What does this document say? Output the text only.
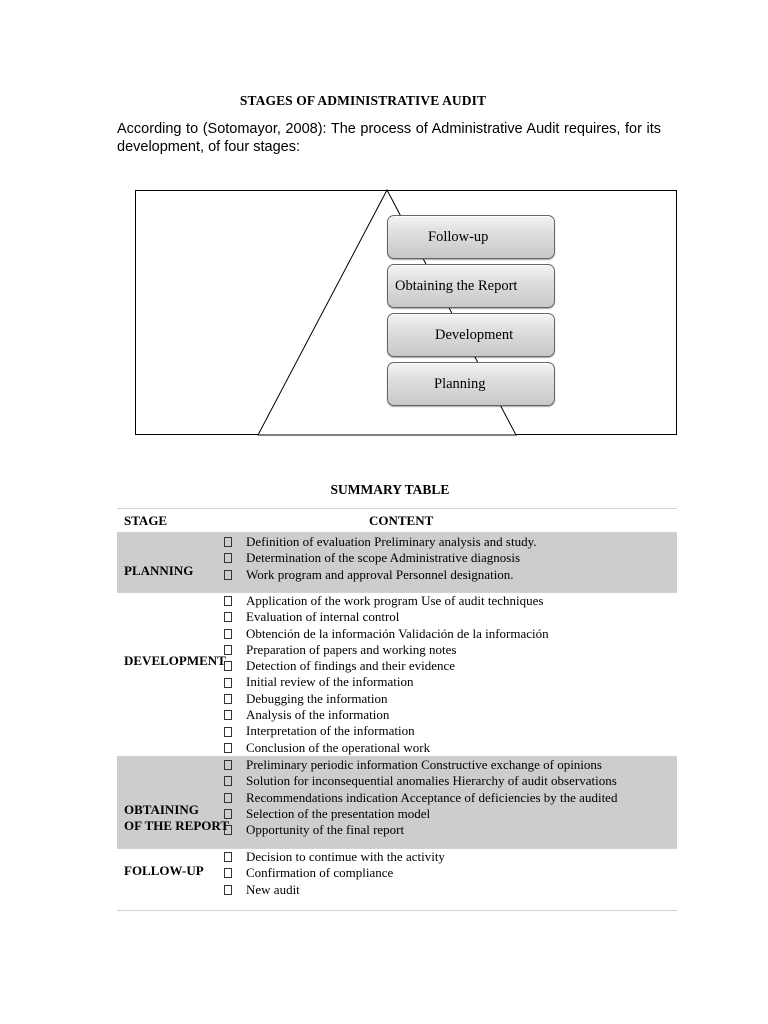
STAGES OF ADMINISTRATIVE AUDIT
According to (Sotomayor, 2008): The process of Administrative Audit requires, for its development, of four stages:
Follow-up
Obtaining the Report
Development
Planning
SUMMARY TABLE
STAGE	CONTENT
PLANNING
Definition of evaluation Preliminary analysis and study.
Determination of the scope Administrative diagnosis
Work program and approval Personnel designation.
DEVELOPMENT
Application of the work program Use of audit techniques
Evaluation of internal control
Obtención de la información Validación de la información
Preparation of papers and working notes
Detection of findings and their evidence
Initial review of the information
Debugging the information
Analysis of the information
Interpretation of the information
Conclusion of the operational work
OBTAINING
OF THE REPORT
Preliminary periodic information Constructive exchange of opinions
Solution for inconsequential anomalies Hierarchy of audit observations
Recommendations indication Acceptance of deficiencies by the audited
Selection of the presentation model
Opportunity of the final report
FOLLOW-UP
Decision to contimue with the activity
Confirmation of compliance
New audit
